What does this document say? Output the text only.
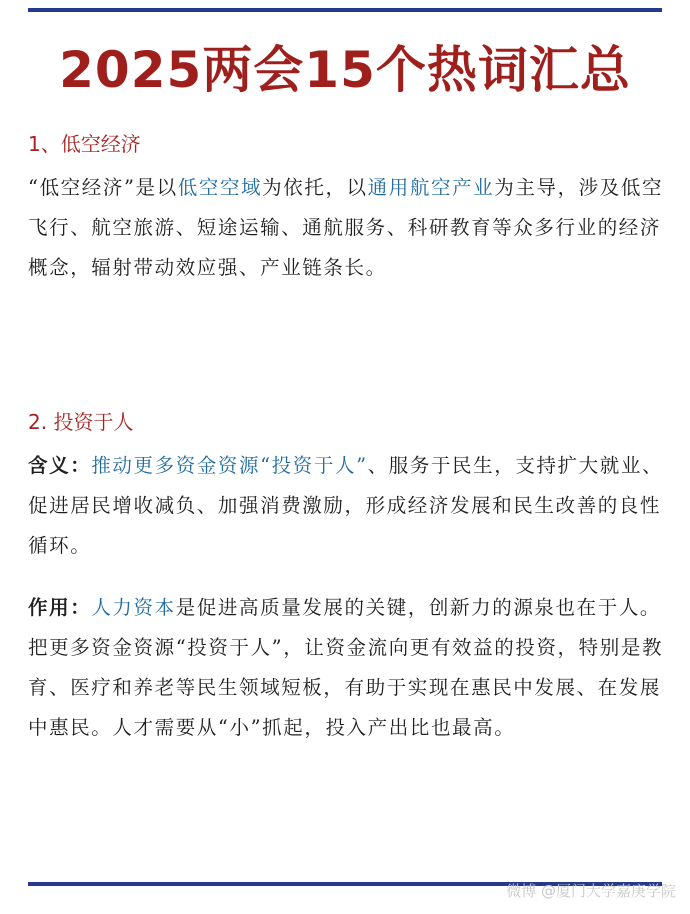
2025两会15个热词汇总
1、低空经济
“低空经济”是以低空空域为依托，以通用航空产业为主导，涉及低空飞行、航空旅游、短途运输、通航服务、科研教育等众多行业的经济概念，辐射带动效应强、产业链条长。
2. 投资于人
含义：推动更多资金资源“投资于人”、服务于民生，支持扩大就业、促进居民增收减负、加强消费激励，形成经济发展和民生改善的良性循环。
作用：人力资本是促进高质量发展的关键，创新力的源泉也在于人。把更多资金资源“投资于人”，让资金流向更有效益的投资，特别是教育、医疗和养老等民生领域短板，有助于实现在惠民中发展、在发展中惠民。人才需要从“小”抓起，投入产出比也最高。
微博 @厦门大学嘉庚学院
